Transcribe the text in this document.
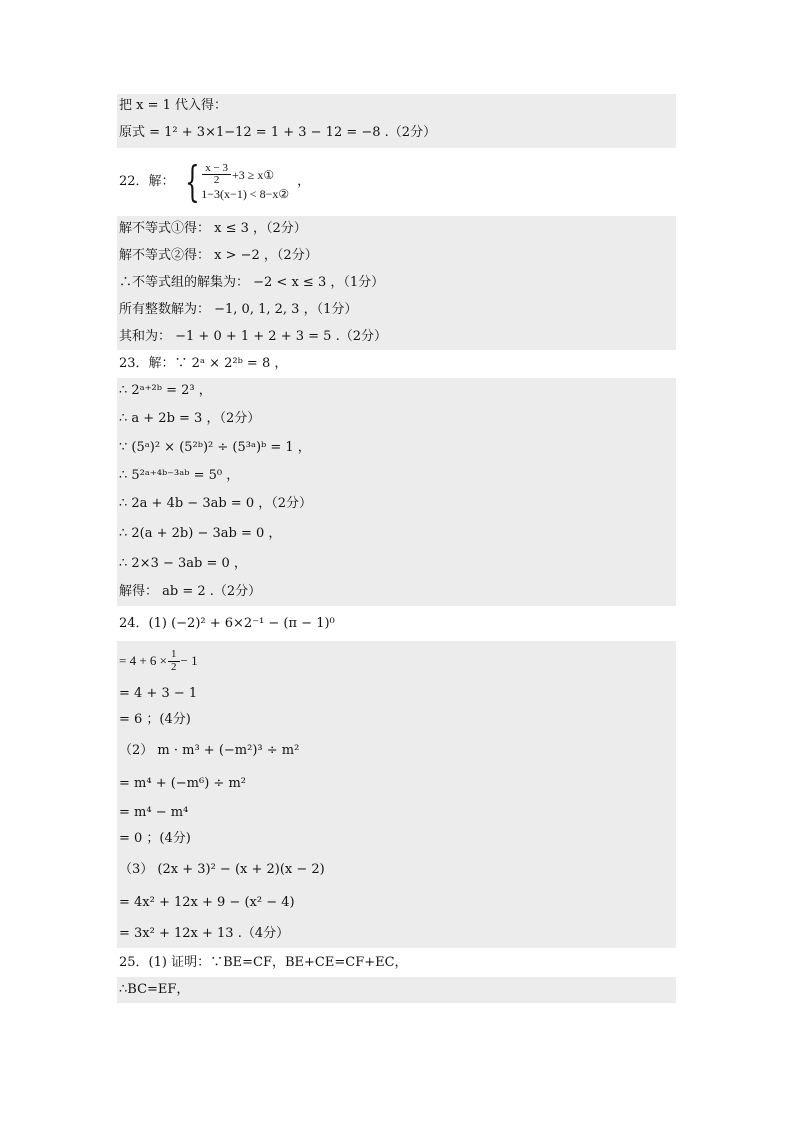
把 x = 1 代入得：
原式 = 1² + 3×1−12 = 1 + 3 − 12 = −8 .（2分）
22．解： { $\frac{x - 3}{2} +3$ ≥ x①
1−3(x−1) < 8−x②
，
解不等式①得： x ≤ 3 ，（2分）
解不等式②得： x > −2 ，（2分）
∴不等式组的解集为： −2 < x ≤ 3 ，（1分）
所有整数解为： −1, 0, 1, 2, 3 ，（1分）
其和为： −1 + 0 + 1 + 2 + 3 = 5 .（2分）
23．解：∵ 2ᵃ × 2²ᵇ = 8 ，
∴ 2ᵃ⁺²ᵇ = 2³ ，
∴ a + 2b = 3 ，（2分）
∵ (5ᵃ)² × (5²ᵇ)² ÷ (5³ᵃ)ᵇ = 1 ，
∴ 5²ᵃ⁺⁴ᵇ⁻³ᵃᵇ = 5⁰ ，
∴ 2a + 4b − 3ab = 0 ，（2分）
∴ 2(a + 2b) − 3ab = 0 ，
∴ 2×3 − 3ab = 0 ，
解得： ab = 2 .（2分）
24．(1) (−2)² + 6×2⁻¹ − (π − 1)⁰
= $4 + 6 \times \frac{1}{2} - 1$
= 4 + 3 − 1
= 6 ；(4分)
（2） m · m³ + (−m²)³ ÷ m²
= m⁴ + (−m⁶) ÷ m²
= m⁴ − m⁴
= 0 ；(4分)
（3） (2x + 3)² − (x + 2)(x − 2)
= 4x² + 12x + 9 − (x² − 4)
= 3x² + 12x + 13 .（4分）
25．(1) 证明：∵BE=CF，BE+CE=CF+EC，
∴BC=EF，
